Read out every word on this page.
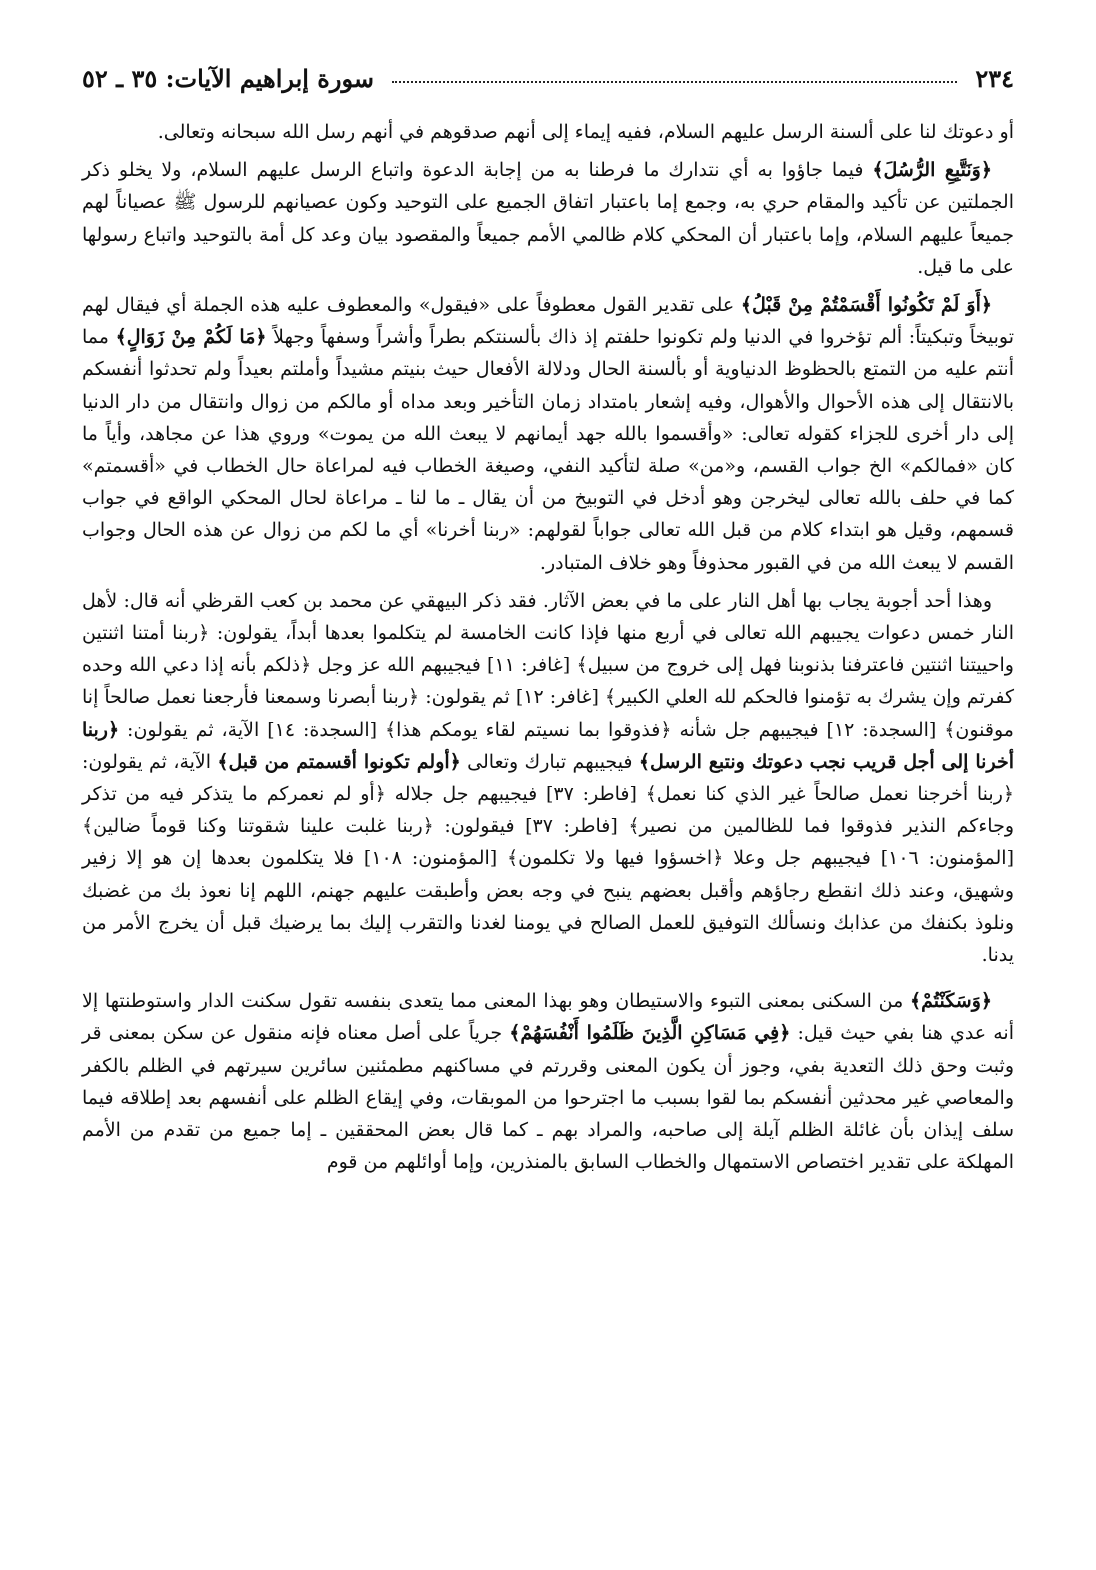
٢٣٤
سورة إبراهيم الآيات: ٣٥ ـ ٥٢

أو دعوتك لنا على ألسنة الرسل عليهم السلام، ففيه إيماء إلى أنهم صدقوهم في أنهم رسل الله سبحانه وتعالى.

﴿وَنَتَّبِعِ الرُّسُلَ﴾ فيما جاؤوا به أي نتدارك ما فرطنا به من إجابة الدعوة واتباع الرسل عليهم السلام، ولا يخلو ذكر الجملتين عن تأكيد والمقام حري به، وجمع إما باعتبار اتفاق الجميع على التوحيد وكون عصيانهم للرسول ﷺ عصياناً لهم جميعاً عليهم السلام، وإما باعتبار أن المحكي كلام ظالمي الأمم جميعاً والمقصود بيان وعد كل أمة بالتوحيد واتباع رسولها على ما قيل.

﴿أَوَ لَمْ تَكُونُوا أَقْسَمْتُمْ مِنْ قَبْلُ﴾ على تقدير القول معطوفاً على «فيقول» والمعطوف عليه هذه الجملة أي فيقال لهم توبيخاً وتبكيتاً: ألم تؤخروا في الدنيا ولم تكونوا حلفتم إذ ذاك بألسنتكم بطراً وأشراً وسفهاً وجهلاً ﴿مَا لَكُمْ مِنْ زَوَالٍ﴾ مما أنتم عليه من التمتع بالحظوظ الدنياوية أو بألسنة الحال ودلالة الأفعال حيث بنيتم مشيداً وأملتم بعيداً ولم تحدثوا أنفسكم بالانتقال إلى هذه الأحوال والأهوال، وفيه إشعار بامتداد زمان التأخير وبعد مداه أو مالكم من زوال وانتقال من دار الدنيا إلى دار أخرى للجزاء كقوله تعالى: «وأقسموا بالله جهد أيمانهم لا يبعث الله من يموت» وروي هذا عن مجاهد، وأياً ما كان «فمالكم» الخ جواب القسم، و«من» صلة لتأكيد النفي، وصيغة الخطاب فيه لمراعاة حال الخطاب في «أقسمتم» كما في حلف بالله تعالى ليخرجن وهو أدخل في التوبيخ من أن يقال ـ ما لنا ـ مراعاة لحال المحكي الواقع في جواب قسمهم، وقيل هو ابتداء كلام من قبل الله تعالى جواباً لقولهم: «ربنا أخرنا» أي ما لكم من زوال عن هذه الحال وجواب القسم لا يبعث الله من في القبور محذوفاً وهو خلاف المتبادر.

وهذا أحد أجوبة يجاب بها أهل النار على ما في بعض الآثار. فقد ذكر البيهقي عن محمد بن كعب القرظي أنه قال: لأهل النار خمس دعوات يجيبهم الله تعالى في أربع منها فإذا كانت الخامسة لم يتكلموا بعدها أبداً، يقولون: ﴿ربنا أمتنا اثنتين واحييتنا اثنتين فاعترفنا بذنوبنا فهل إلى خروج من سبيل﴾ [غافر: ١١] فيجيبهم الله عز وجل ﴿ذلكم بأنه إذا دعي الله وحده كفرتم وإن يشرك به تؤمنوا فالحكم لله العلي الكبير﴾ [غافر: ١٢] ثم يقولون: ﴿ربنا أبصرنا وسمعنا فأرجعنا نعمل صالحاً إنا موقنون﴾ [السجدة: ١٢] فيجيبهم جل شأنه ﴿فذوقوا بما نسيتم لقاء يومكم هذا﴾ [السجدة: ١٤] الآية، ثم يقولون: ﴿ربنا أخرنا إلى أجل قريب نجب دعوتك ونتبع الرسل﴾ فيجيبهم تبارك وتعالى ﴿أولم تكونوا أقسمتم من قبل﴾ الآية، ثم يقولون: ﴿ربنا أخرجنا نعمل صالحاً غير الذي كنا نعمل﴾ [فاطر: ٣٧] فيجيبهم جل جلاله ﴿أو لم نعمركم ما يتذكر فيه من تذكر وجاءكم النذير فذوقوا فما للظالمين من نصير﴾ [فاطر: ٣٧] فيقولون: ﴿ربنا غلبت علينا شقوتنا وكنا قوماً ضالين﴾ [المؤمنون: ١٠٦] فيجيبهم جل وعلا ﴿اخسؤوا فيها ولا تكلمون﴾ [المؤمنون: ١٠٨] فلا يتكلمون بعدها إن هو إلا زفير وشهيق، وعند ذلك انقطع رجاؤهم وأقبل بعضهم ينبح في وجه بعض وأطبقت عليهم جهنم، اللهم إنا نعوذ بك من غضبك ونلوذ بكنفك من عذابك ونسألك التوفيق للعمل الصالح في يومنا لغدنا والتقرب إليك بما يرضيك قبل أن يخرج الأمر من يدنا.

﴿وَسَكَنْتُمْ﴾ من السكنى بمعنى التبوء والاستيطان وهو بهذا المعنى مما يتعدى بنفسه تقول سكنت الدار واستوطنتها إلا أنه عدي هنا بفي حيث قيل: ﴿فِي مَسَاكِنِ الَّذِينَ ظَلَمُوا أَنْفُسَهُمْ﴾ جرياً على أصل معناه فإنه منقول عن سكن بمعنى قر وثبت وحق ذلك التعدية بفي، وجوز أن يكون المعنى وقررتم في مساكنهم مطمئنين سائرين سيرتهم في الظلم بالكفر والمعاصي غير محدثين أنفسكم بما لقوا بسبب ما اجترحوا من الموبقات، وفي إيقاع الظلم على أنفسهم بعد إطلاقه فيما سلف إيذان بأن غائلة الظلم آيلة إلى صاحبه، والمراد بهم ـ كما قال بعض المحققين ـ إما جميع من تقدم من الأمم المهلكة على تقدير اختصاص الاستمهال والخطاب السابق بالمنذرين، وإما أوائلهم من قوم
